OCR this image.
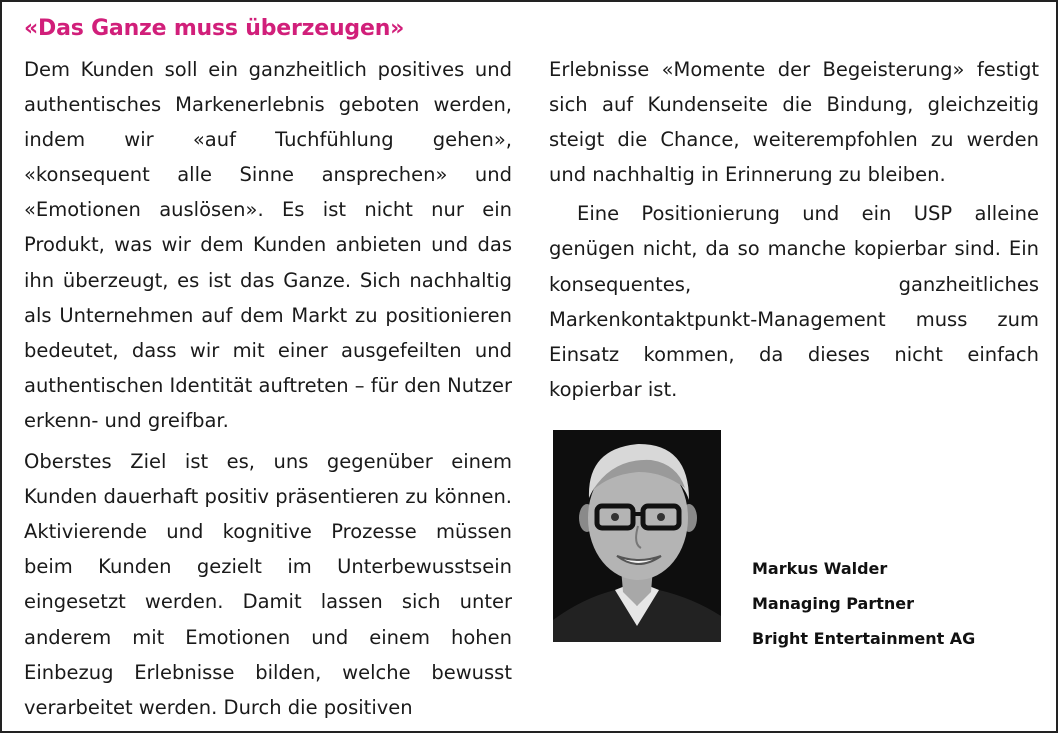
«Das Ganze muss überzeugen»

Dem Kunden soll ein ganzheitlich positives und authentisches Markenerlebnis geboten werden, indem wir «auf Tuchfühlung gehen», «konsequent alle Sinne ansprechen» und «Emotionen auslösen». Es ist nicht nur ein Produkt, was wir dem Kunden anbieten und das ihn überzeugt, es ist das Ganze. Sich nachhaltig als Unternehmen auf dem Markt zu positionieren bedeutet, dass wir mit einer ausgefeilten und authentischen Identität auftreten – für den Nutzer erkenn- und greifbar.

Oberstes Ziel ist es, uns gegenüber einem Kunden dauerhaft positiv präsentieren zu können. Aktivierende und kognitive Prozesse müssen beim Kunden gezielt im Unterbewusstsein eingesetzt werden. Damit lassen sich unter anderem mit Emotionen und einem hohen Einbezug Erlebnisse bilden, welche bewusst verarbeitet werden. Durch die positiven

Erlebnisse «Momente der Begeisterung» festigt sich auf Kundenseite die Bindung, gleichzeitig steigt die Chance, weiterempfohlen zu werden und nachhaltig in Erinnerung zu bleiben.

Eine Positionierung und ein USP alleine genügen nicht, da so manche kopierbar sind. Ein konsequentes, ganzheitliches Markenkontaktpunkt-Management muss zum Einsatz kommen, da dieses nicht einfach kopierbar ist.

Markus Walder
Managing Partner
Bright Entertainment AG
